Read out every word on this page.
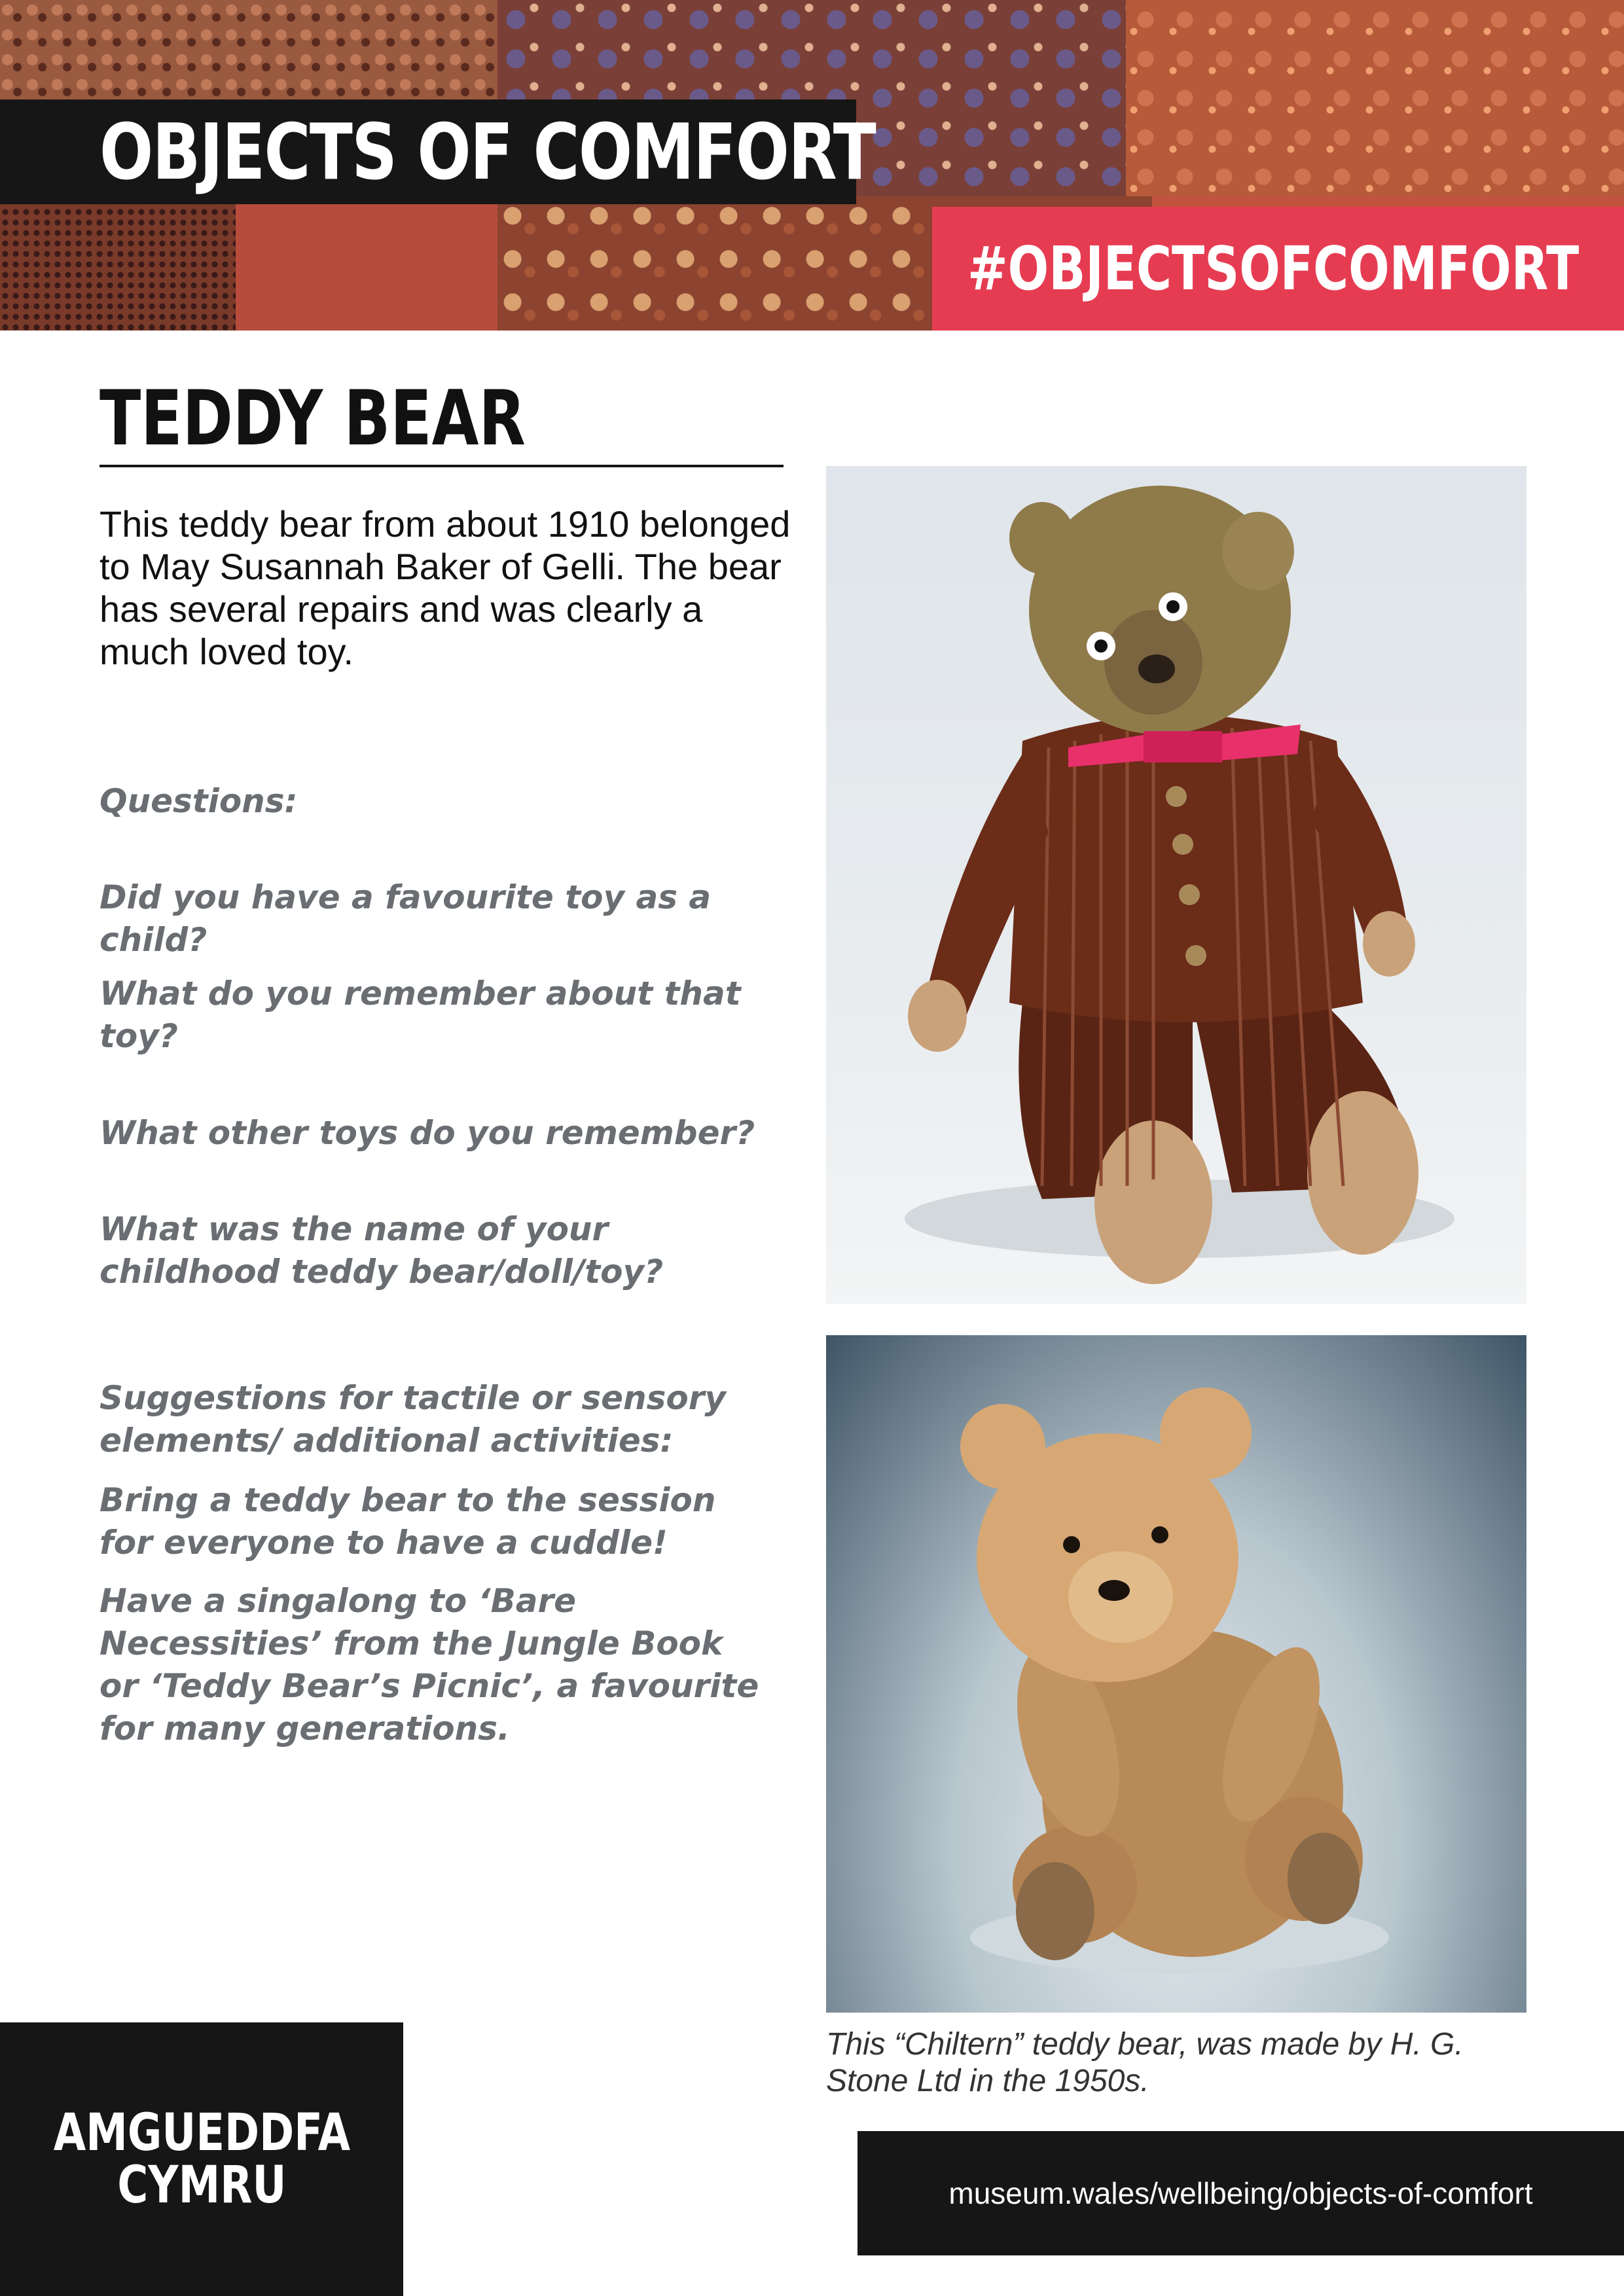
OBJECTS OF COMFORT
#OBJECTSOFCOMFORT
TEDDY BEAR
This teddy bear from about 1910 belonged to May Susannah Baker of Gelli. The bear has several repairs and was clearly a much loved toy.
Questions:
Did you have a favourite toy as a child?
What do you remember about that toy?
What other toys do you remember?
What was the name of your childhood teddy bear/doll/toy?
Suggestions for tactile or sensory elements/ additional activities:
Bring a teddy bear to the session for everyone to have a cuddle!
Have a singalong to ‘Bare Necessities’ from the Jungle Book or ‘Teddy Bear’s Picnic’, a favourite for many generations.
This “Chiltern” teddy bear, was made by H. G. Stone Ltd in the 1950s.
AMGUEDDFA
CYMRU	museum.wales/wellbeing/objects-of-comfort
